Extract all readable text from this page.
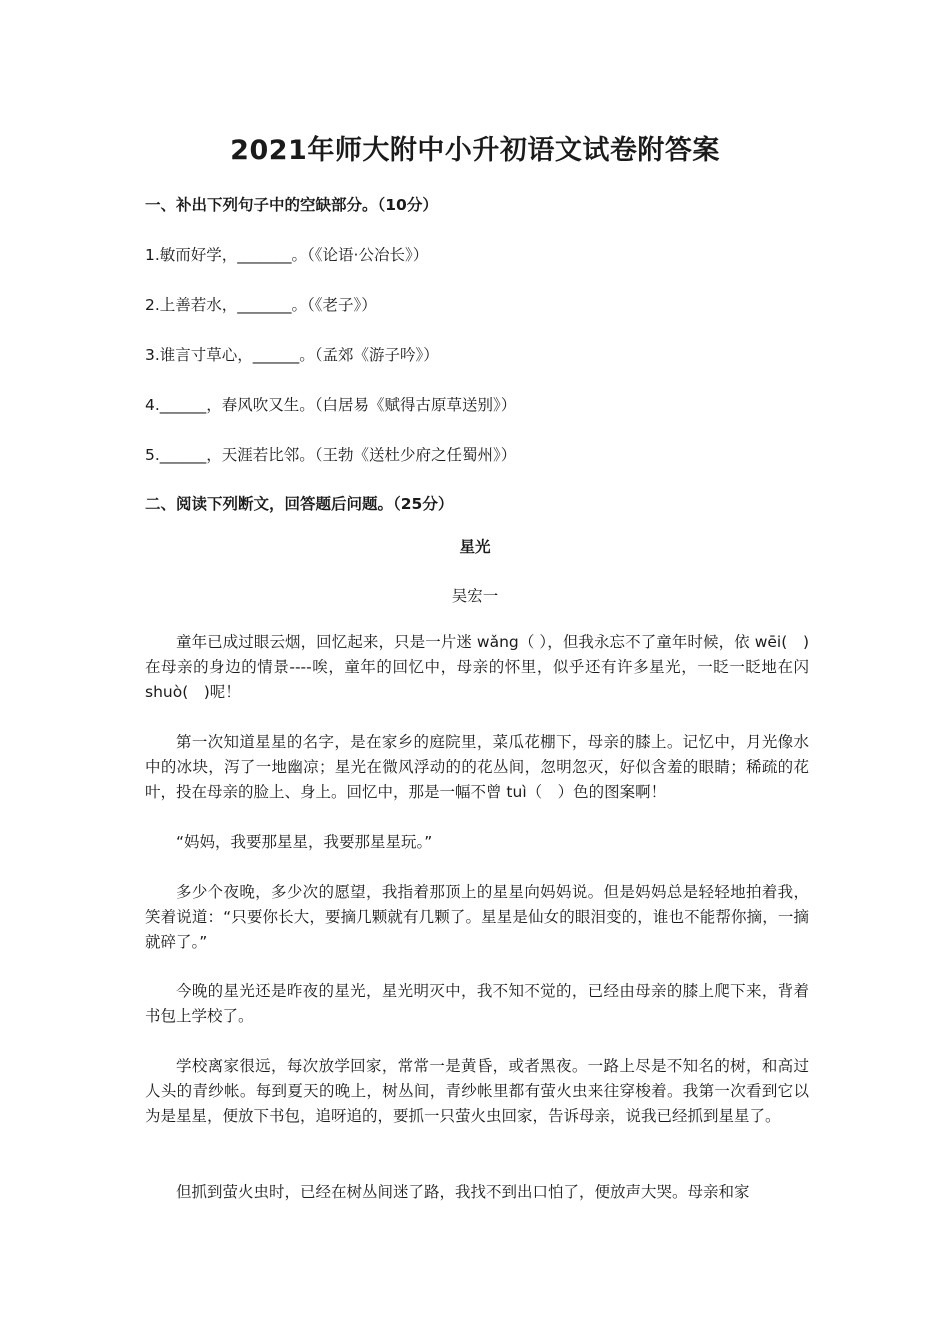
2021年师大附中小升初语文试卷附答案
一、补出下列句子中的空缺部分。（10分）
1.敏而好学，_______。（《论语·公冶长》）
2.上善若水，_______。（《老子》）
3.谁言寸草心，______。（孟郊《游子吟》）
4.______，春风吹又生。（白居易《赋得古原草送别》）
5.______，天涯若比邻。（王勃《送杜少府之任蜀州》）
二、阅读下列断文，回答题后问题。（25分）
星光
吴宏一
童年已成过眼云烟，回忆起来，只是一片迷 wǎng（ ），但我永忘不了童年时候，依 wēi(　)在母亲的身边的情景----唉，童年的回忆中，母亲的怀里，似乎还有许多星光，一眨一眨地在闪 shuò(　)呢！
第一次知道星星的名字，是在家乡的庭院里，菜瓜花棚下，母亲的膝上。记忆中，月光像水中的冰块，泻了一地幽凉；星光在微风浮动的的花丛间，忽明忽灭，好似含羞的眼睛；稀疏的花叶，投在母亲的脸上、身上。回忆中，那是一幅不曾 tuì（　）色的图案啊！
“妈妈，我要那星星，我要那星星玩。”
多少个夜晚，多少次的愿望，我指着那顶上的星星向妈妈说。但是妈妈总是轻轻地拍着我，笑着说道：“只要你长大，要摘几颗就有几颗了。星星是仙女的眼泪变的，谁也不能帮你摘，一摘就碎了。”
今晚的星光还是昨夜的星光，星光明灭中，我不知不觉的，已经由母亲的膝上爬下来，背着书包上学校了。
学校离家很远，每次放学回家，常常一是黄昏，或者黑夜。一路上尽是不知名的树，和高过人头的青纱帐。每到夏天的晚上，树丛间，青纱帐里都有萤火虫来往穿梭着。我第一次看到它以为是星星，便放下书包，追呀追的，要抓一只萤火虫回家，告诉母亲，说我已经抓到星星了。
但抓到萤火虫时，已经在树丛间迷了路，我找不到出口怕了，便放声大哭。母亲和家
